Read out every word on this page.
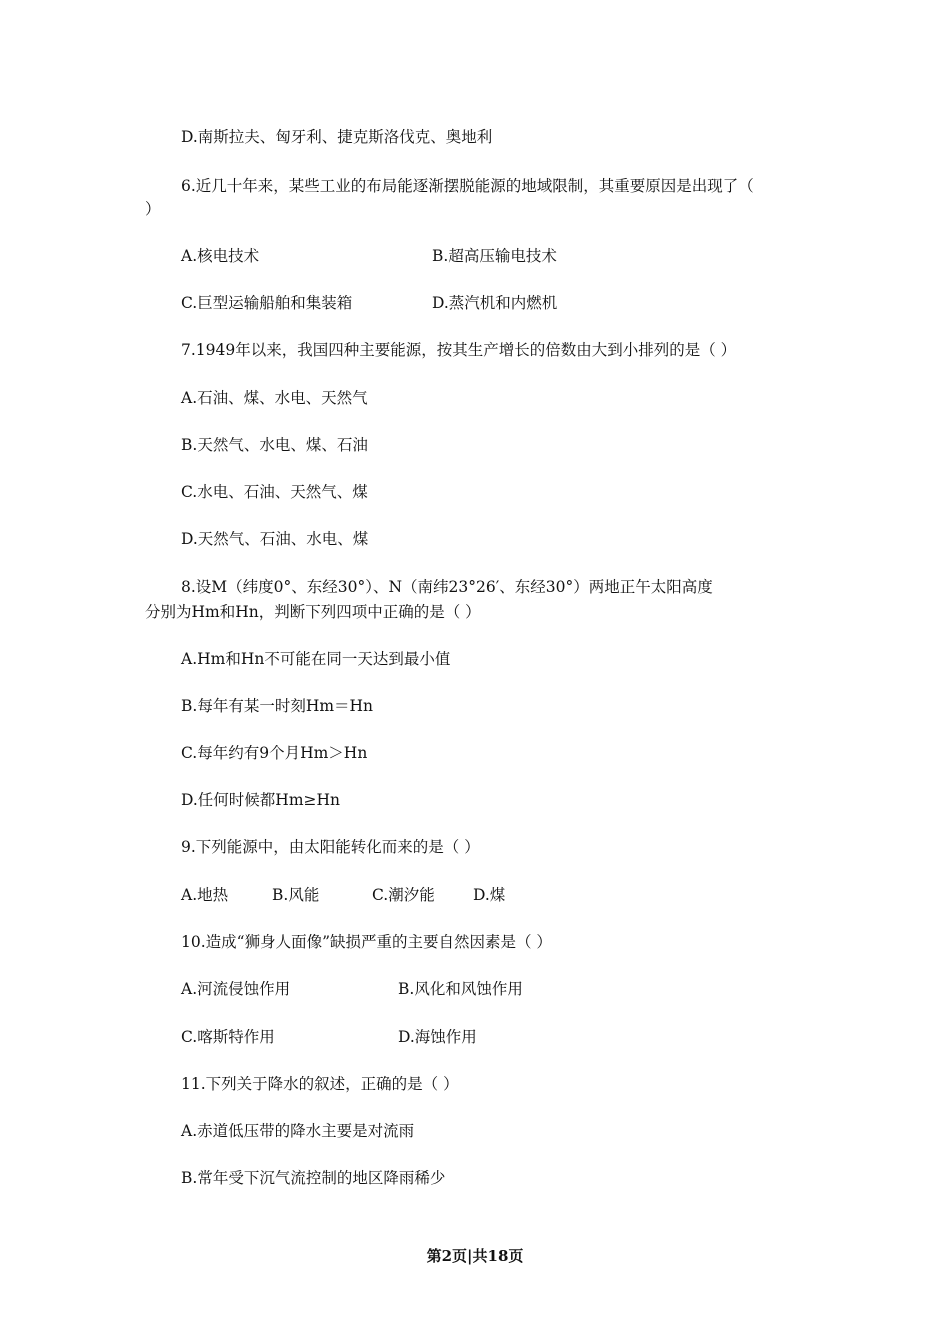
D.南斯拉夫、匈牙利、捷克斯洛伐克、奥地利
6.近几十年来，某些工业的布局能逐渐摆脱能源的地域限制，其重要原因是出现了（
）
A.核电技术	B.超高压输电技术
C.巨型运输船舶和集装箱	D.蒸汽机和内燃机
7.1949年以来，我国四种主要能源，按其生产增长的倍数由大到小排列的是（ ）
A.石油、煤、水电、天然气
B.天然气、水电、煤、石油
C.水电、石油、天然气、煤
D.天然气、石油、水电、煤
8.设M（纬度0°、东经30°）、N（南纬23°26′、东经30°）两地正午太阳高度
分别为Hm和Hn，判断下列四项中正确的是（ ）
A.Hm和Hn不可能在同一天达到最小值
B.每年有某一时刻Hm＝Hn
C.每年约有9个月Hm＞Hn
D.任何时候都Hm≥Hn
9.下列能源中，由太阳能转化而来的是（ ）
A.地热	B.风能	C.潮汐能 D.煤
10.造成“狮身人面像”缺损严重的主要自然因素是（ ）
A.河流侵蚀作用	B.风化和风蚀作用
C.喀斯特作用	D.海蚀作用
11.下列关于降水的叙述，正确的是（ ）
A.赤道低压带的降水主要是对流雨
B.常年受下沉气流控制的地区降雨稀少
第2页|共18页
